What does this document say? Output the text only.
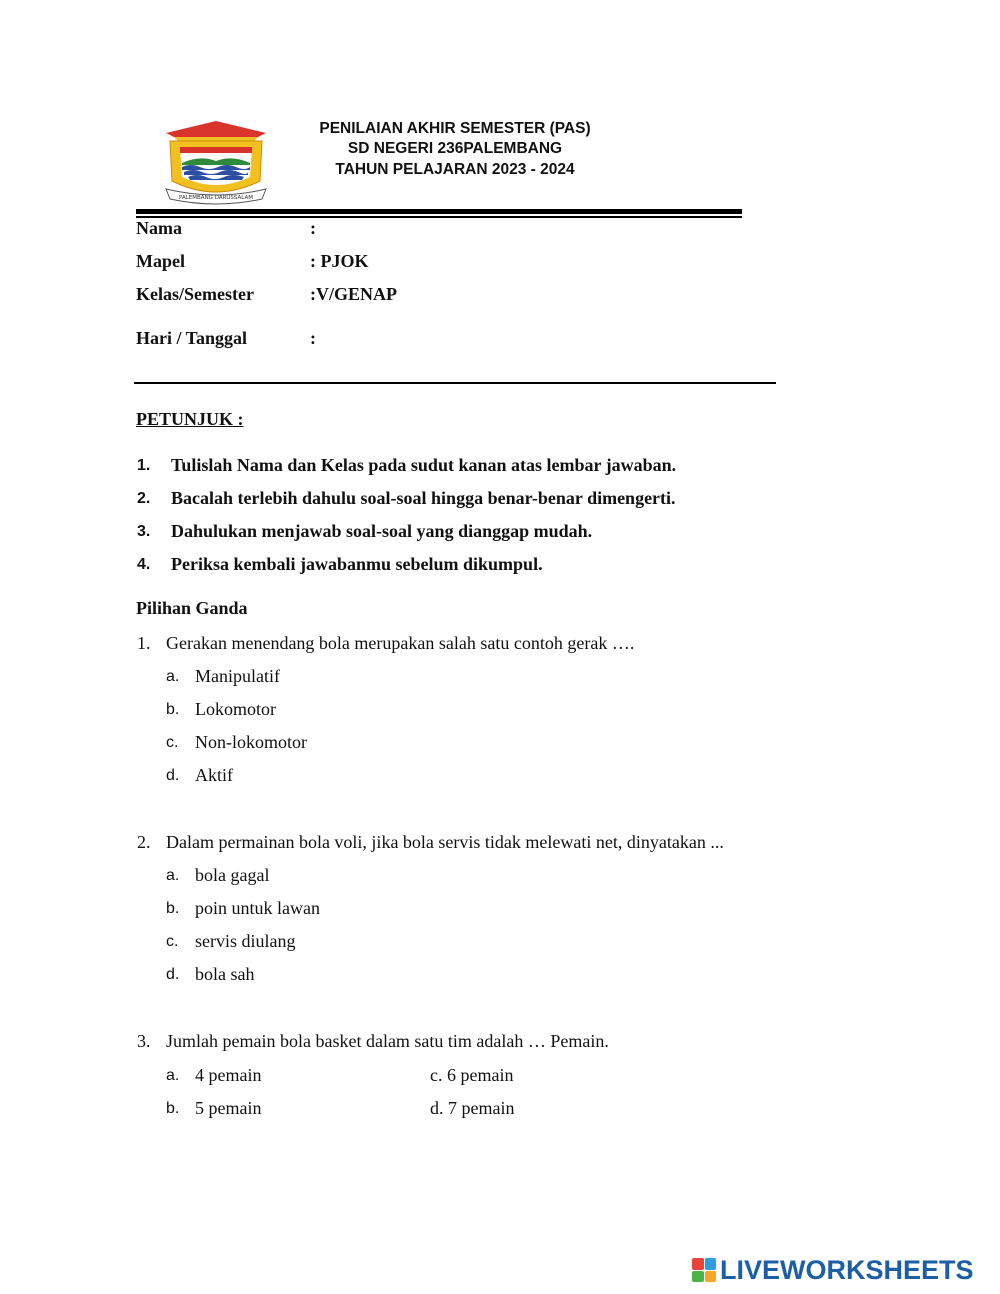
PALEMBANG DARUSSALAM
PENILAIAN AKHIR SEMESTER (PAS)
SD NEGERI 236PALEMBANG
TAHUN PELAJARAN 2023 - 2024
Nama	:
Mapel	: PJOK
Kelas/Semester	:V/GENAP
Hari / Tanggal	:
PETUNJUK :
1. Tulislah Nama dan Kelas pada sudut kanan atas lembar jawaban.
2. Bacalah terlebih dahulu soal-soal hingga benar-benar dimengerti.
3. Dahulukan menjawab soal-soal yang dianggap mudah.
4. Periksa kembali jawabanmu sebelum dikumpul.
Pilihan Ganda
1. Gerakan menendang bola merupakan salah satu contoh gerak ….
a. Manipulatif
b. Lokomotor
c. Non-lokomotor
d. Aktif
2. Dalam permainan bola voli, jika bola servis tidak melewati net, dinyatakan ...
a. bola gagal
b. poin untuk lawan
c. servis diulang
d. bola sah
3. Jumlah pemain bola basket dalam satu tim adalah … Pemain.
a. 4 pemain	c. 6 pemain
b. 5 pemain	d. 7 pemain
LIVEWORKSHEETS
